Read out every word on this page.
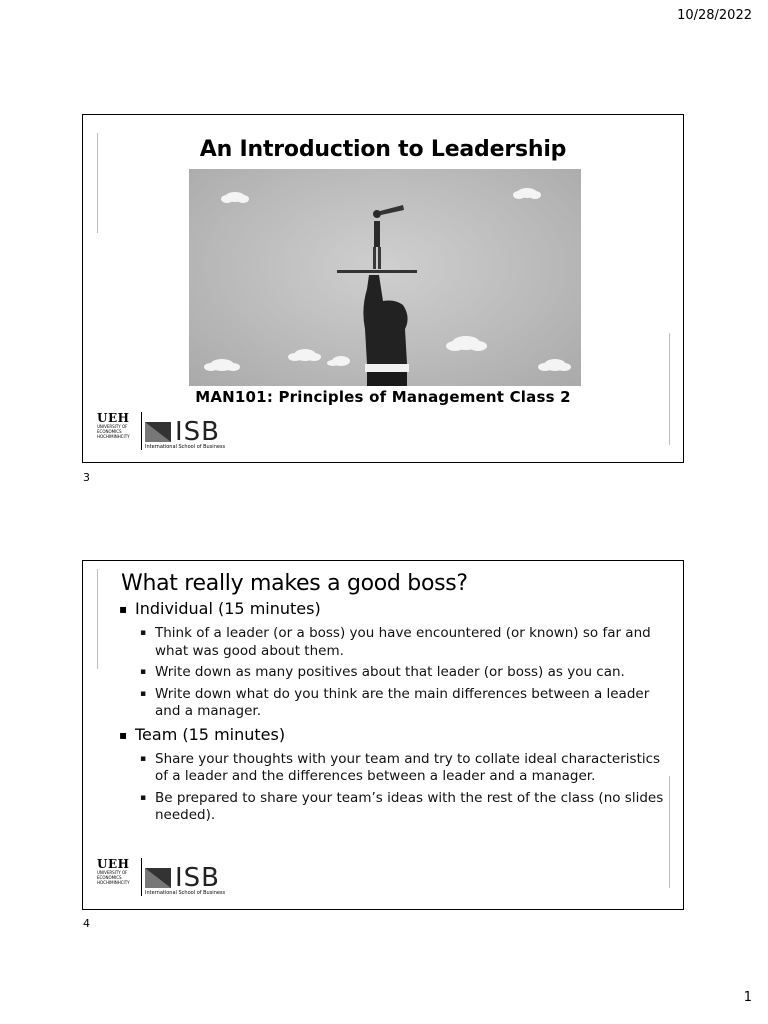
10/28/2022
An Introduction to Leadership
MAN101: Principles of Management Class 2
UEH
UNIVERSITY OF ECONOMICS HOCHIMINHCITY	ISB
International School of Business
3
What really makes a good boss?
▪ Individual (15 minutes)
▪ Think of a leader (or a boss) you have encountered (or known) so far and what was good about them.
▪ Write down as many positives about that leader (or boss) as you can.
▪ Write down what do you think are the main differences between a leader and a manager.
▪ Team (15 minutes)
▪ Share your thoughts with your team and try to collate ideal characteristics of a leader and the differences between a leader and a manager.
▪ Be prepared to share your team’s ideas with the rest of the class (no slides needed).
UEH
UNIVERSITY OF ECONOMICS HOCHIMINHCITY	ISB
International School of Business
4
1
